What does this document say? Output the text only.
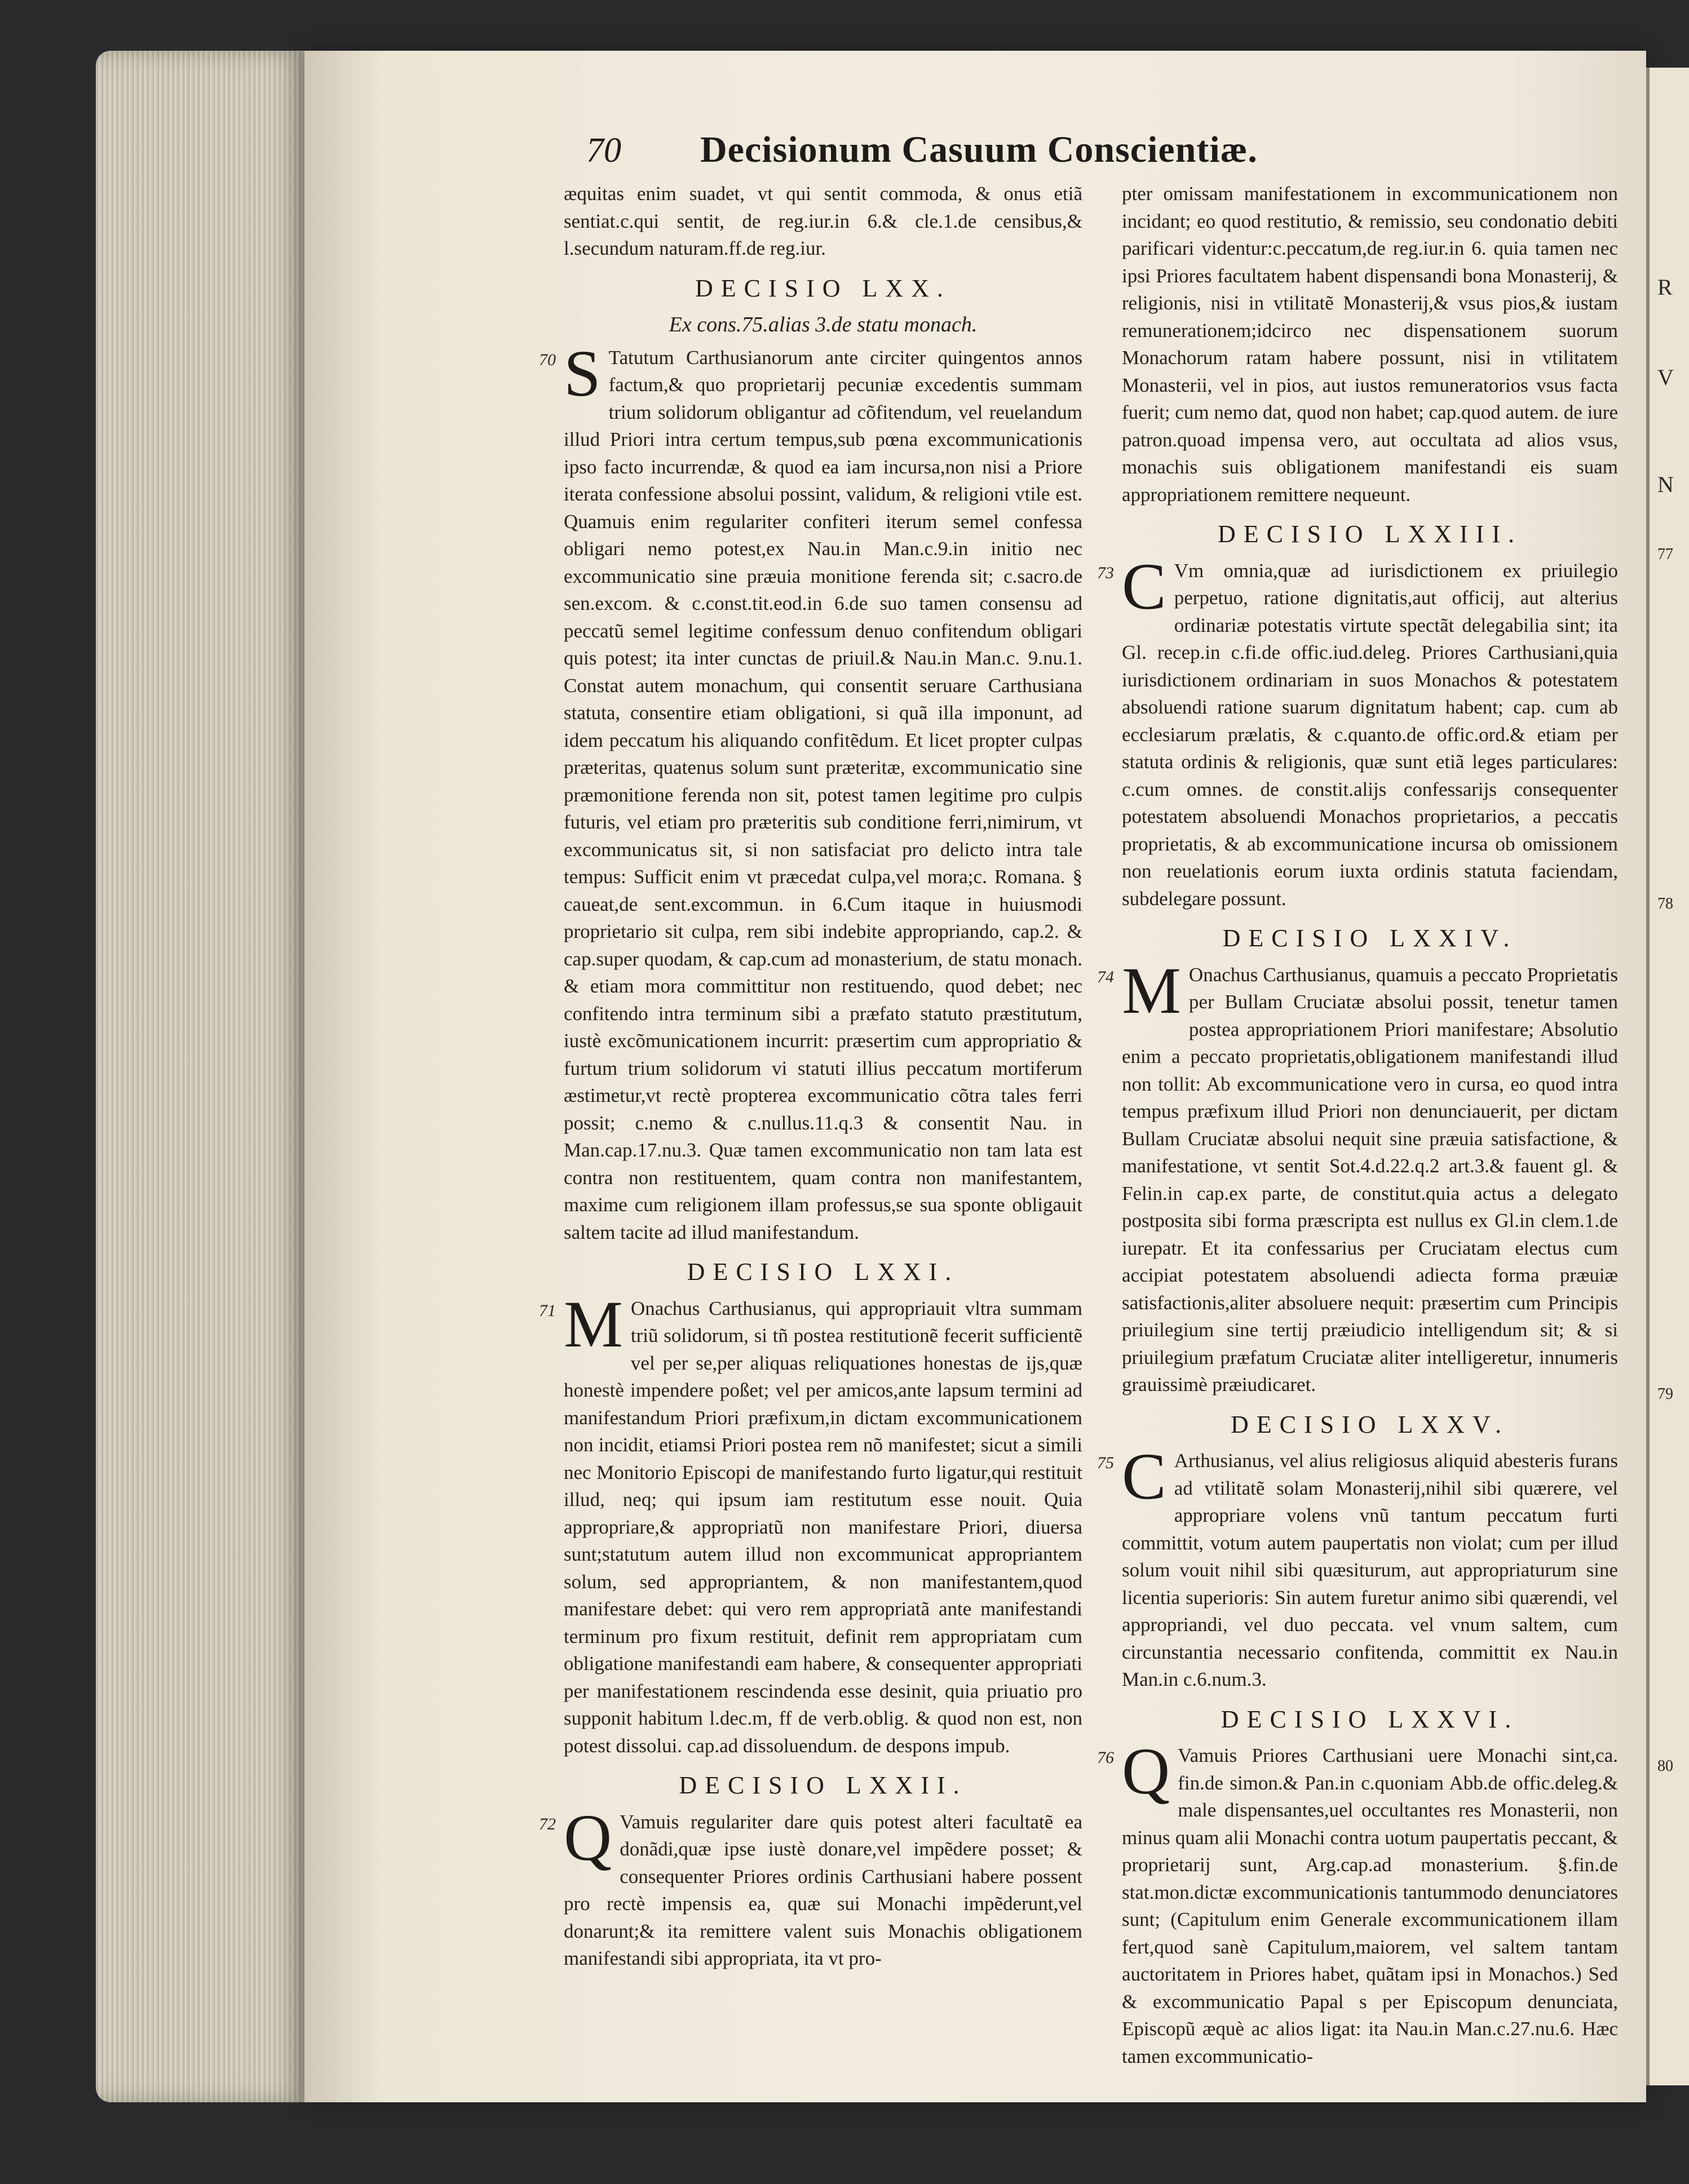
R
V
N
77
78
79
80
70 Decisionum Casuum Conscientiæ.

æquitas enim suadet, vt qui sentit commoda, & onus etiã sentiat.c.qui sentit, de reg.iur.in 6.& cle.1.de censibus,& l.secundum naturam.ff.de reg.iur.

DECISIO LXX.
Ex cons.75.alias 3.de statu monach.
70 S Tatutum Carthusianorum ante circiter quingentos annos factum,& quo proprietarij pecuniæ excedentis summam trium solidorum obligantur ad cõfitendum, vel reuelandum illud Priori intra certum tempus,sub pœna excommunicationis ipso facto incurrendæ, & quod ea iam incursa,non nisi a Priore iterata confessione absolui possint, validum, & religioni vtile est. Quamuis enim regulariter confiteri iterum semel confessa obligari nemo potest,ex Nau.in Man.c.9.in initio nec excommunicatio sine præuia monitione ferenda sit; c.sacro.de sen.excom. & c.const.tit.eod.in 6.de suo tamen consensu ad peccatũ semel legitime confessum denuo confitendum obligari quis potest; ita inter cunctas de priuil.& Nau.in Man.c. 9.nu.1. Constat autem monachum, qui consentit seruare Carthusiana statuta, consentire etiam obligationi, si quã illa imponunt, ad idem peccatum his aliquando confitẽdum. Et licet propter culpas præteritas, quatenus solum sunt præteritæ, excommunicatio sine præmonitione ferenda non sit, potest tamen legitime pro culpis futuris, vel etiam pro præteritis sub conditione ferri,nimirum, vt excommunicatus sit, si non satisfaciat pro delicto intra tale tempus: Sufficit enim vt præcedat culpa,vel mora;c. Romana. § caueat,de sent.excommun. in 6.Cum itaque in huiusmodi proprietario sit culpa, rem sibi indebite appropriando, cap.2. & cap.super quodam, & cap.cum ad monasterium, de statu monach. & etiam mora committitur non restituendo, quod debet; nec confitendo intra terminum sibi a præfato statuto præstitutum, iustè excõmunicationem incurrit: præsertim cum appropriatio & furtum trium solidorum vi statuti illius peccatum mortiferum æstimetur,vt rectè propterea excommunicatio cõtra tales ferri possit; c.nemo & c.nullus.11.q.3 & consentit Nau. in Man.cap.17.nu.3. Quæ tamen excommunicatio non tam lata est contra non restituentem, quam contra non manifestantem, maxime cum religionem illam professus,se sua sponte obligauit saltem tacite ad illud manifestandum.

DECISIO LXXI.
71 M Onachus Carthusianus, qui appropriauit vltra summam triũ solidorum, si tñ postea restitutionẽ fecerit sufficientẽ vel per se,per aliquas reliquationes honestas de ijs,quæ honestè impendere poßet; vel per amicos,ante lapsum termini ad manifestandum Priori præfixum,in dictam excommunicationem non incidit, etiamsi Priori postea rem nõ manifestet; sicut a simili nec Monitorio Episcopi de manifestando furto ligatur,qui restituit illud, neq; qui ipsum iam restitutum esse nouit. Quia appropriare,& appropriatũ non manifestare Priori, diuersa sunt;statutum autem illud non excommunicat appropriantem solum, sed appropriantem, & non manifestantem,quod manifestare debet: qui vero rem appropriatã ante manifestandi terminum pro fixum restituit, definit rem appropriatam cum obligatione manifestandi eam habere, & consequenter appropriati per manifestationem rescindenda esse desinit, quia priuatio pro supponit habitum l.dec.m, ff de verb.oblig. & quod non est, non potest dissolui. cap.ad dissoluendum. de despons impub.

DECISIO LXXII.
72 Q Vamuis regulariter dare quis potest alteri facultatẽ ea donãdi,quæ ipse iustè donare,vel impẽdere posset; & consequenter Priores ordinis Carthusiani habere possent pro rectè impensis ea, quæ sui Monachi impẽderunt,vel donarunt;& ita remittere valent suis Monachis obligationem manifestandi sibi appropriata, ita vt pro-

pter omissam manifestationem in excommunicationem non incidant; eo quod restitutio, & remissio, seu condonatio debiti parificari videntur:c.peccatum,de reg.iur.in 6. quia tamen nec ipsi Priores facultatem habent dispensandi bona Monasterij, & religionis, nisi in vtilitatẽ Monasterij,& vsus pios,& iustam remunerationem;idcirco nec dispensationem suorum Monachorum ratam habere possunt, nisi in vtilitatem Monasterii, vel in pios, aut iustos remuneratorios vsus facta fuerit; cum nemo dat, quod non habet; cap.quod autem. de iure patron.quoad impensa vero, aut occultata ad alios vsus, monachis suis obligationem manifestandi eis suam appropriationem remittere nequeunt.

DECISIO LXXIII.
73 C Vm omnia,quæ ad iurisdictionem ex priuilegio perpetuo, ratione dignitatis,aut officij, aut alterius ordinariæ potestatis virtute spectãt delegabilia sint; ita Gl. recep.in c.fi.de offic.iud.deleg. Priores Carthusiani,quia iurisdictionem ordinariam in suos Monachos & potestatem absoluendi ratione suarum dignitatum habent; cap. cum ab ecclesiarum prælatis, & c.quanto.de offic.ord.& etiam per statuta ordinis & religionis, quæ sunt etiã leges particulares: c.cum omnes. de constit.alijs confessarijs consequenter potestatem absoluendi Monachos proprietarios, a peccatis proprietatis, & ab excommunicatione incursa ob omissionem non reuelationis eorum iuxta ordinis statuta faciendam, subdelegare possunt.

DECISIO LXXIV.
74 M Onachus Carthusianus, quamuis a peccato Proprietatis per Bullam Cruciatæ absolui possit, tenetur tamen postea appropriationem Priori manifestare; Absolutio enim a peccato proprietatis,obligationem manifestandi illud non tollit: Ab excommunicatione vero in cursa, eo quod intra tempus præfixum illud Priori non denunciauerit, per dictam Bullam Cruciatæ absolui nequit sine præuia satisfactione, & manifestatione, vt sentit Sot.4.d.22.q.2 art.3.& fauent gl. & Felin.in cap.ex parte, de constitut.quia actus a delegato postposita sibi forma præscripta est nullus ex Gl.in clem.1.de iurepatr. Et ita confessarius per Cruciatam electus cum accipiat potestatem absoluendi adiecta forma præuiæ satisfactionis,aliter absoluere nequit: præsertim cum Principis priuilegium sine tertij præiudicio intelligendum sit; & si priuilegium præfatum Cruciatæ aliter intelligeretur, innumeris grauissimè præiudicaret.

DECISIO LXXV.
75 C Arthusianus, vel alius religiosus aliquid abesteris furans ad vtilitatẽ solam Monasterij,nihil sibi quærere, vel appropriare volens vnũ tantum peccatum furti committit, votum autem paupertatis non violat; cum per illud solum vouit nihil sibi quæsiturum, aut appropriaturum sine licentia superioris: Sin autem furetur animo sibi quærendi, vel appropriandi, vel duo peccata. vel vnum saltem, cum circunstantia necessario confitenda, committit ex Nau.in Man.in c.6.num.3.

DECISIO LXXVI.
76 Q Vamuis Priores Carthusiani uere Monachi sint,ca. fin.de simon.& Pan.in c.quoniam Abb.de offic.deleg.& male dispensantes,uel occultantes res Monasterii, non minus quam alii Monachi contra uotum paupertatis peccant, & proprietarij sunt, Arg.cap.ad monasterium. §.fin.de stat.mon.dictæ excommunicationis tantummodo denunciatores sunt; (Capitulum enim Generale excommunicationem illam fert,quod sanè Capitulum,maiorem, vel saltem tantam auctoritatem in Priores habet, quãtam ipsi in Monachos.) Sed & excommunicatio Papal s per Episcopum denunciata, Episcopũ æquè ac alios ligat: ita Nau.in Man.c.27.nu.6. Hæc tamen excommunicatio-
